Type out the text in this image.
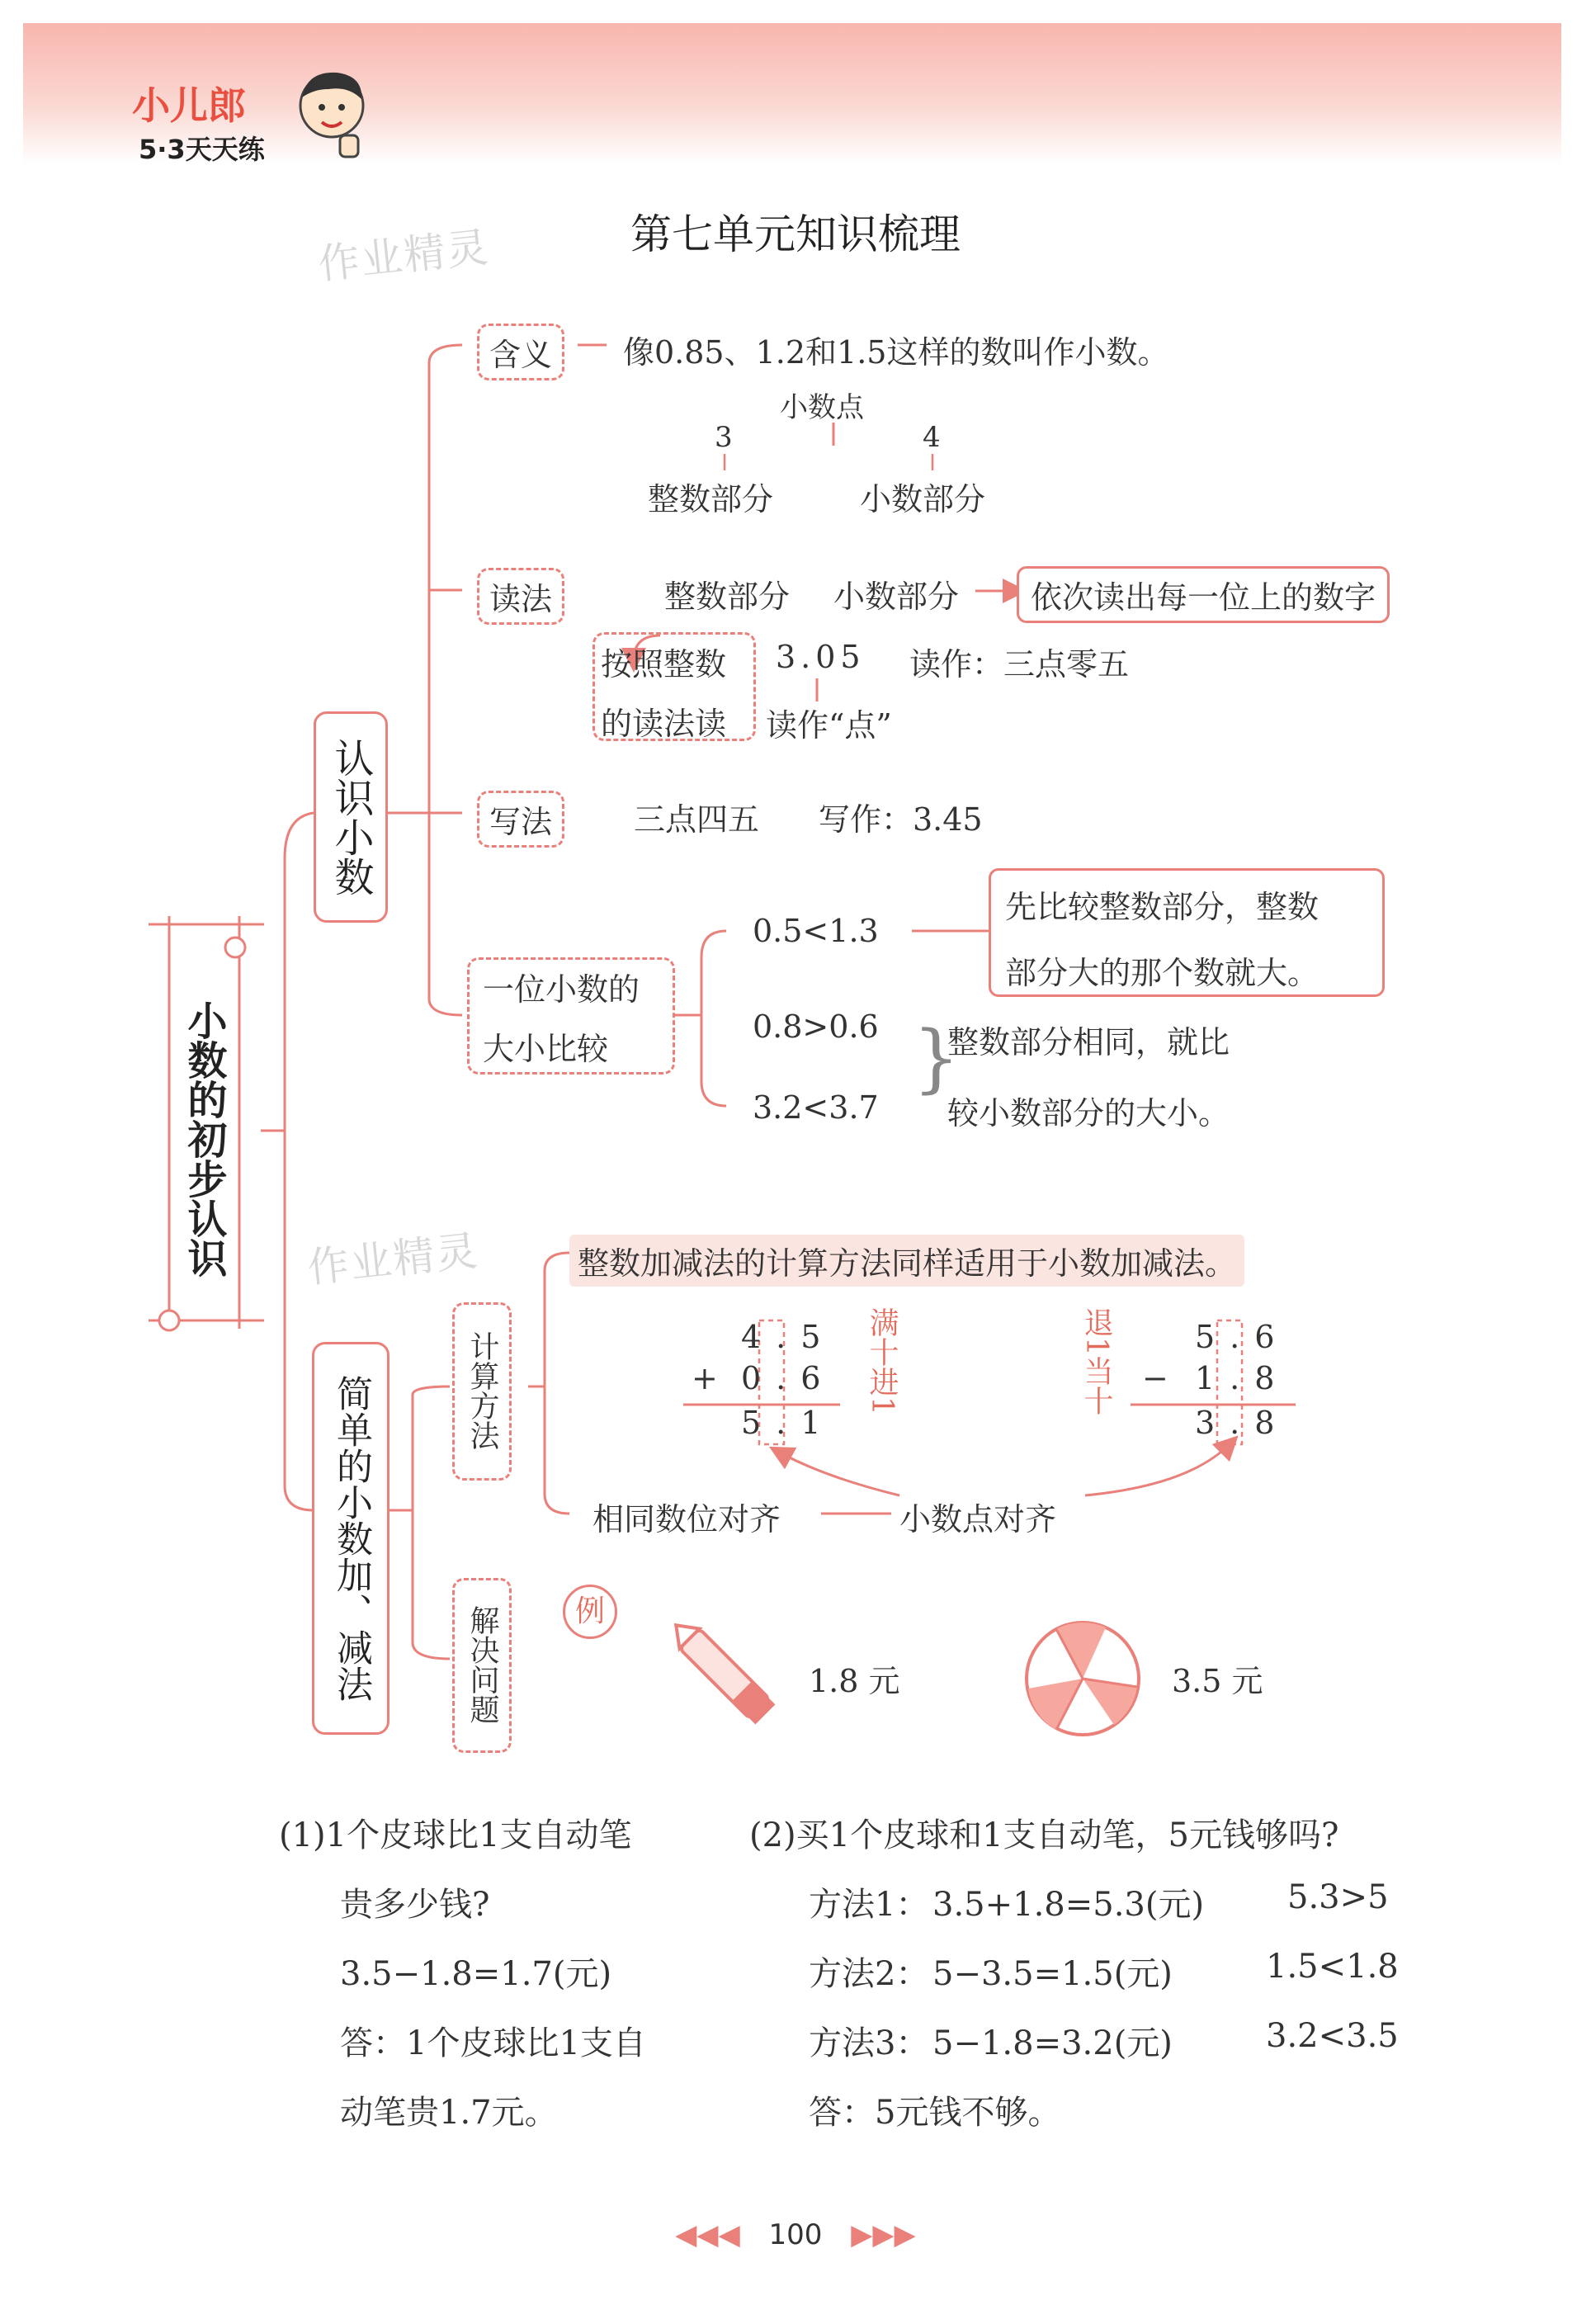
小儿郎
5·3天天练
第七单元知识梳理
作业精灵
作业精灵
小数的初步认识
认识小数
简单的小数加、减法
含义	像0.85、1.2和1.5这样的数叫作小数。
小数点
3	4
整数部分	小数部分
读法	整数部分 小数部分	依次读出每一位上的数字
按照整数
的读法读
3.05 读作：三点零五
读作“点”
写法	三点四五 写作：3.45
一位小数的
大小比较
0.5<1.3
先比较整数部分，整数
部分大的那个数就大。
0.8>0.6
3.2<3.7
}
整数部分相同，就比
较小数部分的大小。
计算方法
整数加减法的计算方法同样适用于小数加减法。
4.5
+ 0.6
5.1
满十进1	退1当十	5.6
− 1.8
3.8
相同数位对齐	小数点对齐
解决问题	例
1.8 元	3.5 元
(1)1个皮球比1支自动笔
贵多少钱?
3.5−1.8=1.7(元)
答：1个皮球比1支自
动笔贵1.7元。
(2)买1个皮球和1支自动笔，5元钱够吗?
方法1： 3.5+1.8=5.3(元)	5.3>5
方法2： 5−3.5=1.5(元)	1.5<1.8
方法3： 5−1.8=3.2(元)	3.2<3.5
答：5元钱不够。
◀◀◀ 100 ▶▶▶
